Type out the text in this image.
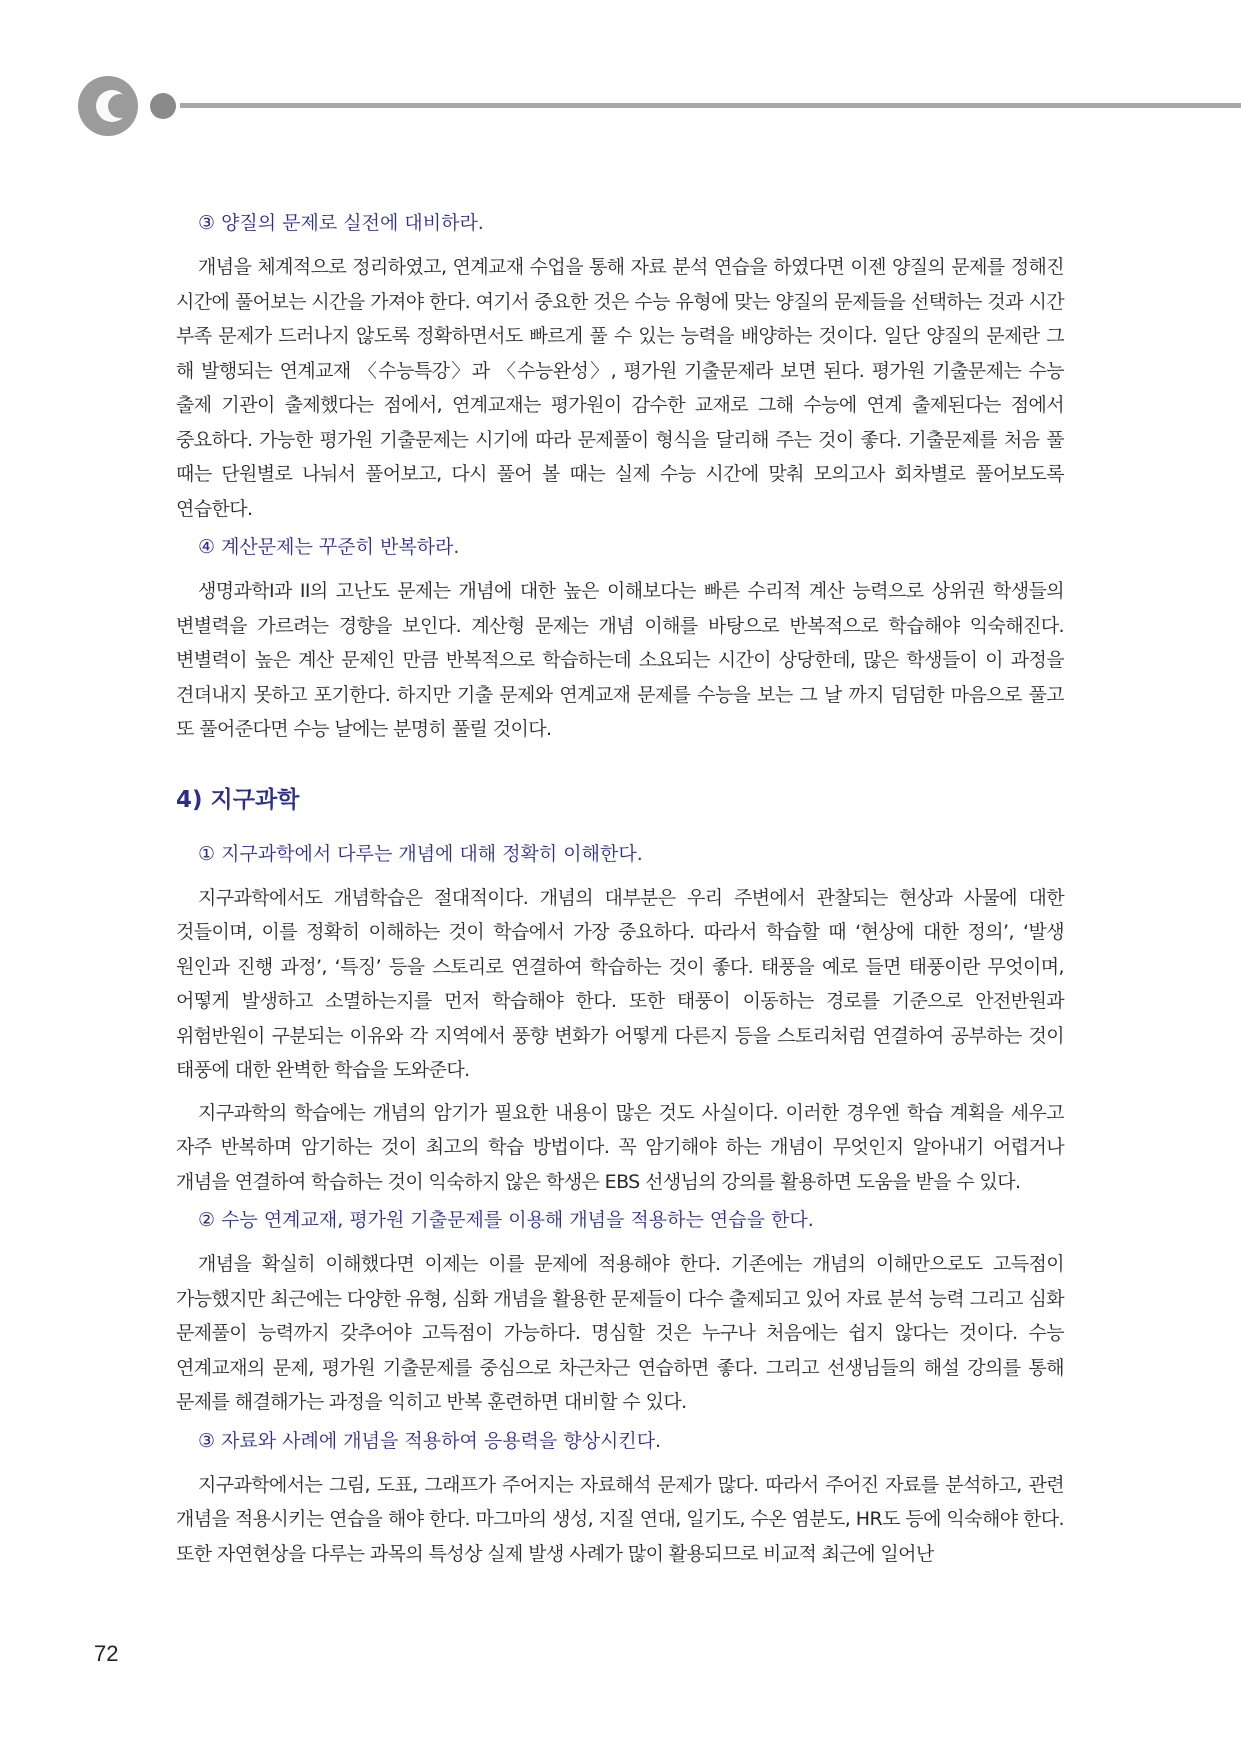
③ 양질의 문제로 실전에 대비하라.

개념을 체계적으로 정리하였고, 연계교재 수업을 통해 자료 분석 연습을 하였다면 이젠 양질의 문제를 정해진 시간에 풀어보는 시간을 가져야 한다. 여기서 중요한 것은 수능 유형에 맞는 양질의 문제들을 선택하는 것과 시간 부족 문제가 드러나지 않도록 정확하면서도 빠르게 풀 수 있는 능력을 배양하는 것이다. 일단 양질의 문제란 그 해 발행되는 연계교재 〈수능특강〉과 〈수능완성〉, 평가원 기출문제라 보면 된다. 평가원 기출문제는 수능 출제 기관이 출제했다는 점에서, 연계교재는 평가원이 감수한 교재로 그해 수능에 연계 출제된다는 점에서 중요하다. 가능한 평가원 기출문제는 시기에 따라 문제풀이 형식을 달리해 주는 것이 좋다. 기출문제를 처음 풀 때는 단원별로 나눠서 풀어보고, 다시 풀어 볼 때는 실제 수능 시간에 맞춰 모의고사 회차별로 풀어보도록 연습한다.

④ 계산문제는 꾸준히 반복하라.

생명과학I과 II의 고난도 문제는 개념에 대한 높은 이해보다는 빠른 수리적 계산 능력으로 상위권 학생들의 변별력을 가르려는 경향을 보인다. 계산형 문제는 개념 이해를 바탕으로 반복적으로 학습해야 익숙해진다. 변별력이 높은 계산 문제인 만큼 반복적으로 학습하는데 소요되는 시간이 상당한데, 많은 학생들이 이 과정을 견뎌내지 못하고 포기한다. 하지만 기출 문제와 연계교재 문제를 수능을 보는 그 날 까지 덤덤한 마음으로 풀고 또 풀어준다면 수능 날에는 분명히 풀릴 것이다.

4) 지구과학
① 지구과학에서 다루는 개념에 대해 정확히 이해한다.

지구과학에서도 개념학습은 절대적이다. 개념의 대부분은 우리 주변에서 관찰되는 현상과 사물에 대한 것들이며, 이를 정확히 이해하는 것이 학습에서 가장 중요하다. 따라서 학습할 때 ‘현상에 대한 정의’, ‘발생 원인과 진행 과정’, ‘특징’ 등을 스토리로 연결하여 학습하는 것이 좋다. 태풍을 예로 들면 태풍이란 무엇이며, 어떻게 발생하고 소멸하는지를 먼저 학습해야 한다. 또한 태풍이 이동하는 경로를 기준으로 안전반원과 위험반원이 구분되는 이유와 각 지역에서 풍향 변화가 어떻게 다른지 등을 스토리처럼 연결하여 공부하는 것이 태풍에 대한 완벽한 학습을 도와준다.

지구과학의 학습에는 개념의 암기가 필요한 내용이 많은 것도 사실이다. 이러한 경우엔 학습 계획을 세우고 자주 반복하며 암기하는 것이 최고의 학습 방법이다. 꼭 암기해야 하는 개념이 무엇인지 알아내기 어렵거나 개념을 연결하여 학습하는 것이 익숙하지 않은 학생은 EBS 선생님의 강의를 활용하면 도움을 받을 수 있다.

② 수능 연계교재, 평가원 기출문제를 이용해 개념을 적용하는 연습을 한다.

개념을 확실히 이해했다면 이제는 이를 문제에 적용해야 한다. 기존에는 개념의 이해만으로도 고득점이 가능했지만 최근에는 다양한 유형, 심화 개념을 활용한 문제들이 다수 출제되고 있어 자료 분석 능력 그리고 심화 문제풀이 능력까지 갖추어야 고득점이 가능하다. 명심할 것은 누구나 처음에는 쉽지 않다는 것이다. 수능 연계교재의 문제, 평가원 기출문제를 중심으로 차근차근 연습하면 좋다. 그리고 선생님들의 해설 강의를 통해 문제를 해결해가는 과정을 익히고 반복 훈련하면 대비할 수 있다.

③ 자료와 사례에 개념을 적용하여 응용력을 향상시킨다.

지구과학에서는 그림, 도표, 그래프가 주어지는 자료해석 문제가 많다. 따라서 주어진 자료를 분석하고, 관련 개념을 적용시키는 연습을 해야 한다. 마그마의 생성, 지질 연대, 일기도, 수온 염분도, HR도 등에 익숙해야 한다. 또한 자연현상을 다루는 과목의 특성상 실제 발생 사례가 많이 활용되므로 비교적 최근에 일어난

72
